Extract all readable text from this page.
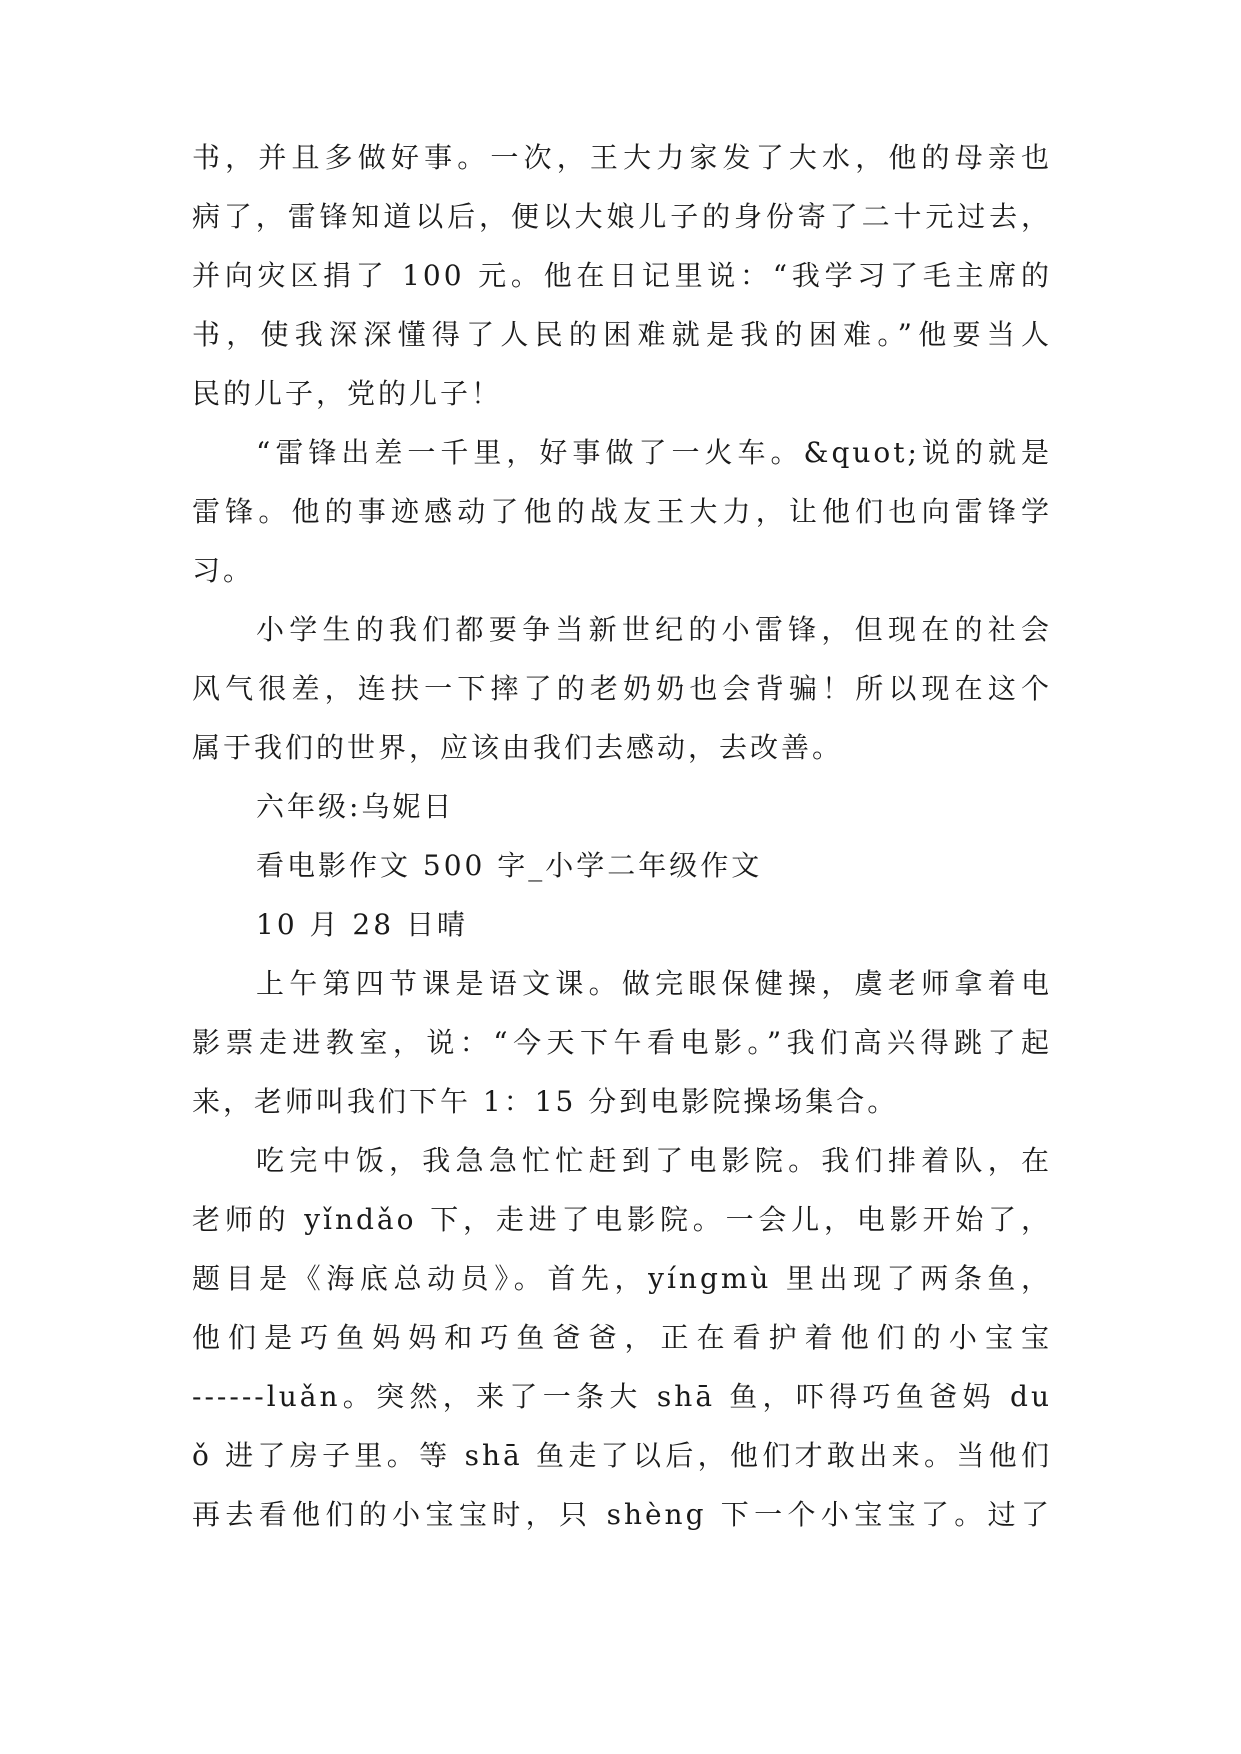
书，并且多做好事。一次，王大力家发了大水，他的母亲也
病了，雷锋知道以后，便以大娘儿子的身份寄了二十元过去，
并向灾区捐了 100 元。他在日记里说：“我学习了毛主席的
书，使我深深懂得了人民的困难就是我的困难。”他要当人
民的儿子，党的儿子！
“雷锋出差一千里，好事做了一火车。&quot;说的就是
雷锋。他的事迹感动了他的战友王大力，让他们也向雷锋学
习。
小学生的我们都要争当新世纪的小雷锋，但现在的社会
风气很差，连扶一下摔了的老奶奶也会背骗！所以现在这个
属于我们的世界，应该由我们去感动，去改善。
六年级:乌妮日
看电影作文 500 字_小学二年级作文
10 月 28 日晴
上午第四节课是语文课。做完眼保健操，虞老师拿着电
影票走进教室，说：“今天下午看电影。”我们高兴得跳了起
来，老师叫我们下午 1：15 分到电影院操场集合。
吃完中饭，我急急忙忙赶到了电影院。我们排着队，在
老师的 yǐndǎo 下，走进了电影院。一会儿，电影开始了，
题目是《海底总动员》。首先，yíngmù 里出现了两条鱼，
他们是巧鱼妈妈和巧鱼爸爸，正在看护着他们的小宝宝
------luǎn。突然，来了一条大 shā 鱼，吓得巧鱼爸妈 du
ǒ 进了房子里。等 shā 鱼走了以后，他们才敢出来。当他们
再去看他们的小宝宝时，只 shèng 下一个小宝宝了。过了
